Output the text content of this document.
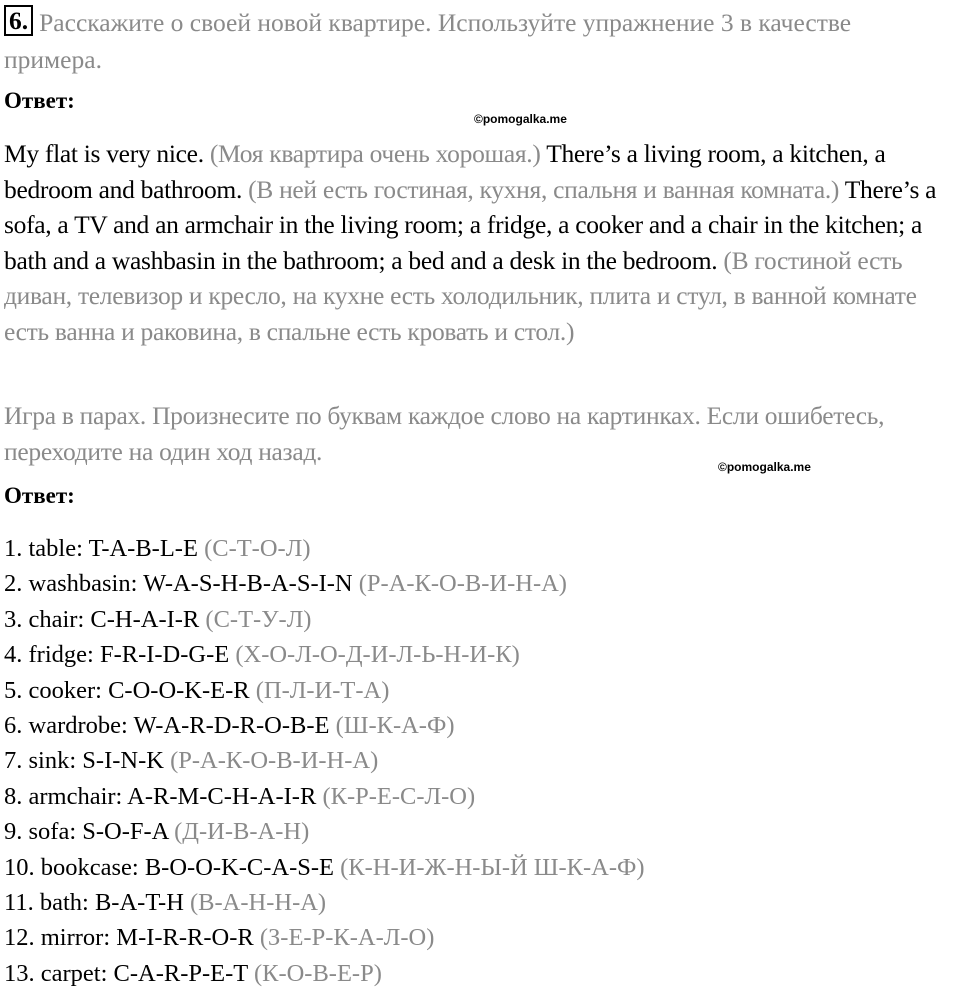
6. Расскажите о своей новой квартире. Используйте упражнение 3 в качестве примера.
Ответ:
©pomogalka.me
My flat is very nice. (Моя квартира очень хорошая.) There’s a living room, a kitchen, a bedroom and bathroom. (В ней есть гостиная, кухня, спальня и ванная комната.) There’s a sofa, a TV and an armchair in the living room; a fridge, a cooker and a chair in the kitchen; a bath and a washbasin in the bathroom; a bed and a desk in the bedroom. (В гостиной есть диван, телевизор и кресло, на кухне есть холодильник, плита и стул, в ванной комнате есть ванна и раковина, в спальне есть кровать и стол.)
Игра в парах. Произнесите по буквам каждое слово на картинках. Если ошибетесь, переходите на один ход назад.
©pomogalka.me
Ответ:
1. table: T-A-B-L-E (С-Т-О-Л)
2. washbasin: W-A-S-H-B-A-S-I-N (Р-А-К-О-В-И-Н-А)
3. chair: C-H-A-I-R (С-Т-У-Л)
4. fridge: F-R-I-D-G-E (Х-О-Л-О-Д-И-Л-Ь-Н-И-К)
5. cooker: C-O-O-K-E-R (П-Л-И-Т-А)
6. wardrobe: W-A-R-D-R-O-B-E (Ш-К-А-Ф)
7. sink: S-I-N-K (Р-А-К-О-В-И-Н-А)
8. armchair: A-R-M-C-H-A-I-R (К-Р-Е-С-Л-О)
9. sofa: S-O-F-A (Д-И-В-А-Н)
10. bookcase: B-O-O-K-C-A-S-E (К-Н-И-Ж-Н-Ы-Й Ш-К-А-Ф)
11. bath: B-A-T-H (В-А-Н-Н-А)
12. mirror: M-I-R-R-O-R (З-Е-Р-К-А-Л-О)
13. carpet: C-A-R-P-E-T (К-О-В-Е-Р)
